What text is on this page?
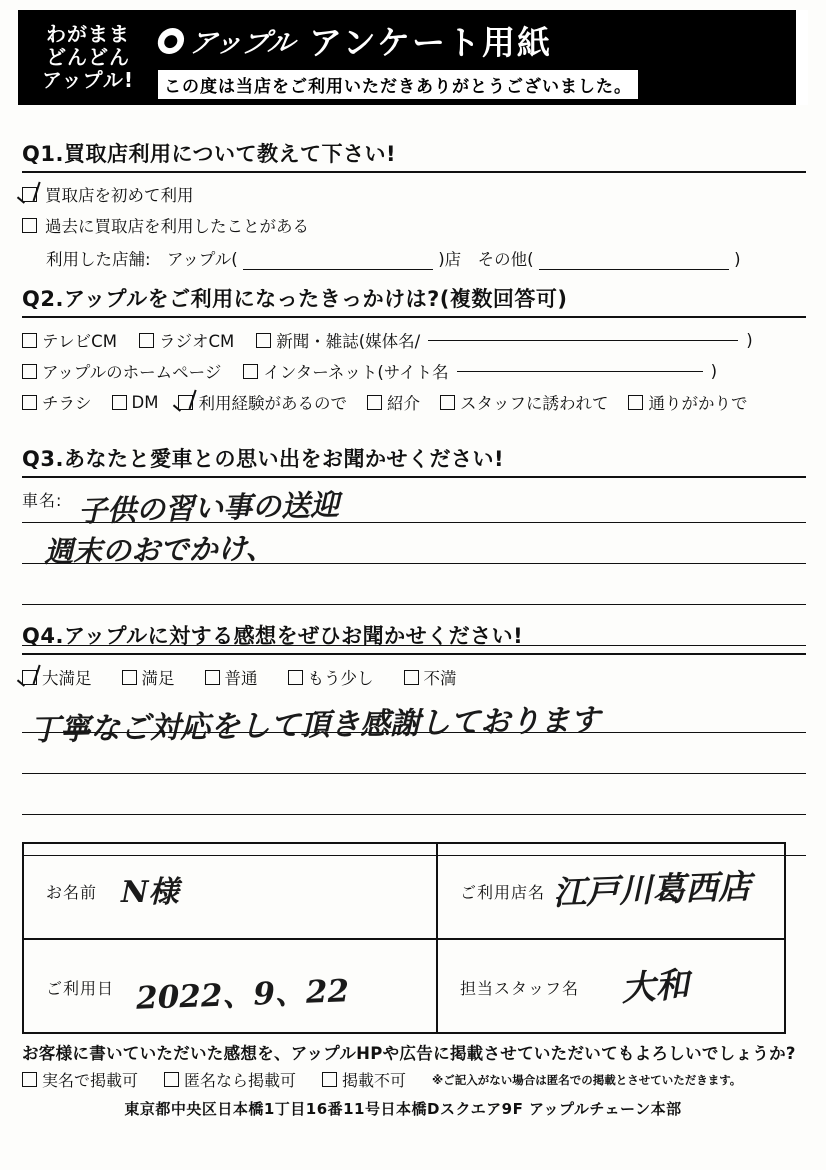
わがまま
どんどん
アップル!
● アップル アンケート用紙
この度は当店をご利用いただきありがとうございました。
Q1.買取店利用について教えて下さい!
買取店を初めて利用
過去に買取店を利用したことがある
利用した店舗:　アップル(	)店　その他(	)
Q2.アップルをご利用になったきっかけは?(複数回答可)
テレビCM	ラジオCM	新聞・雑誌(媒体名/	)
アップルのホームページ	インターネット(サイト名	)
チラシ DM 利用経験があるので 紹介 スタッフに誘われて 通りがかりで
Q3.あなたと愛車との思い出をお聞かせください!
車名: 子供の習い事の送迎
週末のおでかけ、
Q4.アップルに対する感想をぜひお聞かせください!
大満足	満足	普通	もう少し	不満
丁寧なご対応をして頂き感謝しております
お名前 N様	ご利用店名 江戸川葛西店
ご利用日 2022、9、22	担当スタッフ名 大和
お客様に書いていただいた感想を、アップルHPや広告に掲載させていただいてもよろしいでしょうか?
実名で掲載可	匿名なら掲載可	掲載不可 ※ご記入がない場合は匿名での掲載とさせていただきます。
東京都中央区日本橋1丁目16番11号日本橋Dスクエア9F アップルチェーン本部
